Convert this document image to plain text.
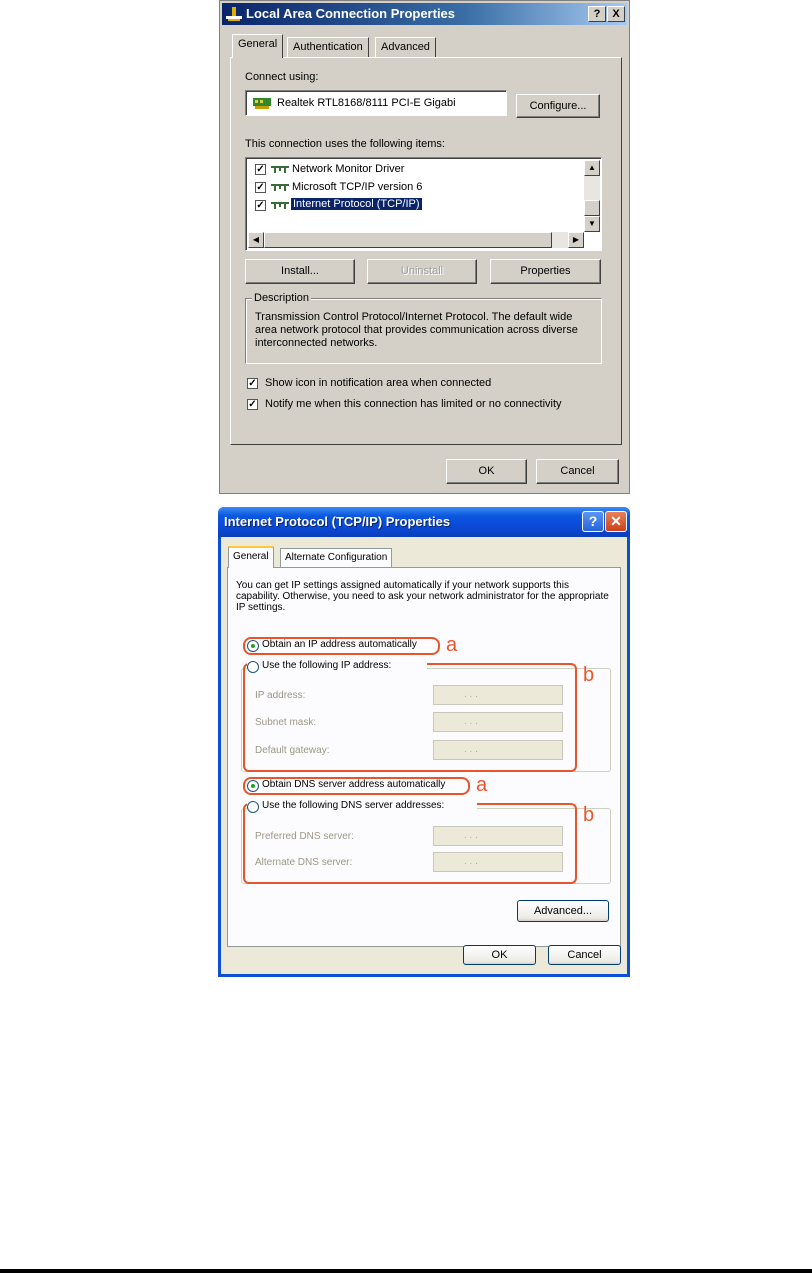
Local Area Connection Properties	?	X
General	Authentication	Advanced
Connect using:
Realtek RTL8168/8111 PCI-E Gigabi	Configure...
This connection uses the following items:
✓ Network Monitor Driver
✓ Microsoft TCP/IP version 6
✓	Internet Protocol (TCP/IP)
▲
▼
◀	▶
Install...	Uninstall	Properties
Description
Transmission Control Protocol/Internet Protocol. The default wide area network protocol that provides communication across diverse interconnected networks.
✓ Show icon in notification area when connected
✓ Notify me when this connection has limited or no connectivity
OK	Cancel
Internet Protocol (TCP/IP) Properties	? ✕
General	Alternate Configuration
You can get IP settings assigned automatically if your network supports this capability. Otherwise, you need to ask your network administrator for the appropriate IP settings.
Obtain an IP address automatically a
Use the following IP address:	b
IP address:	. . .
Subnet mask:	. . .
Default gateway:	. . .
Obtain DNS server address automatically a
Use the following DNS server addresses:	b
Preferred DNS server:	. . .
Alternate DNS server:	. . .
Advanced...
OK	Cancel
